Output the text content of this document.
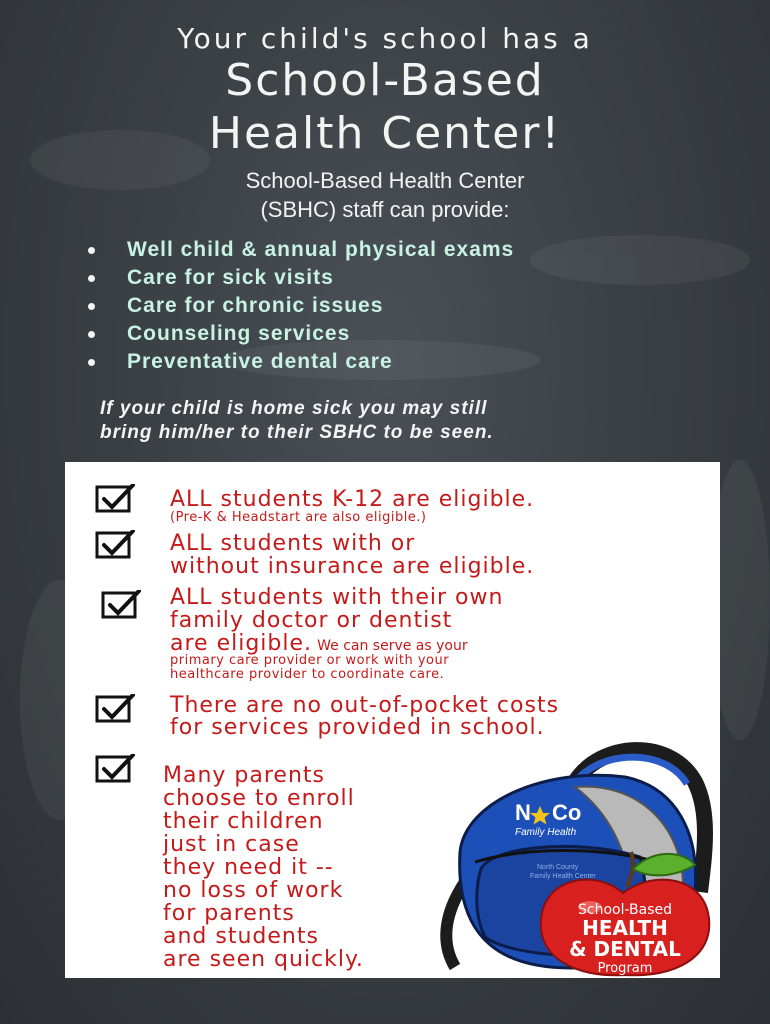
Your child's school has a
School-Based
Health Center!
School-Based Health Center
(SBHC) staff can provide:
Well child & annual physical exams
Care for sick visits
Care for chronic issues
Counseling services
Preventative dental care
If your child is home sick you may still
bring him/her to their SBHC to be seen.
ALL students K-12 are eligible.
(Pre-K & Headstart are also eligible.)
ALL students with or
without insurance are eligible.
ALL students with their own
family doctor or dentist
are eligible. We can serve as your
primary care provider or work with your
healthcare provider to coordinate care.
There are no out-of-pocket costs
for services provided in school.
Many parents
choose to enroll
their children
just in case
they need it --
no loss of work
for parents
and students
are seen quickly.
N Co
Family Health
North County
Family Health Center
School-Based
HEALTH
& DENTAL
Program
